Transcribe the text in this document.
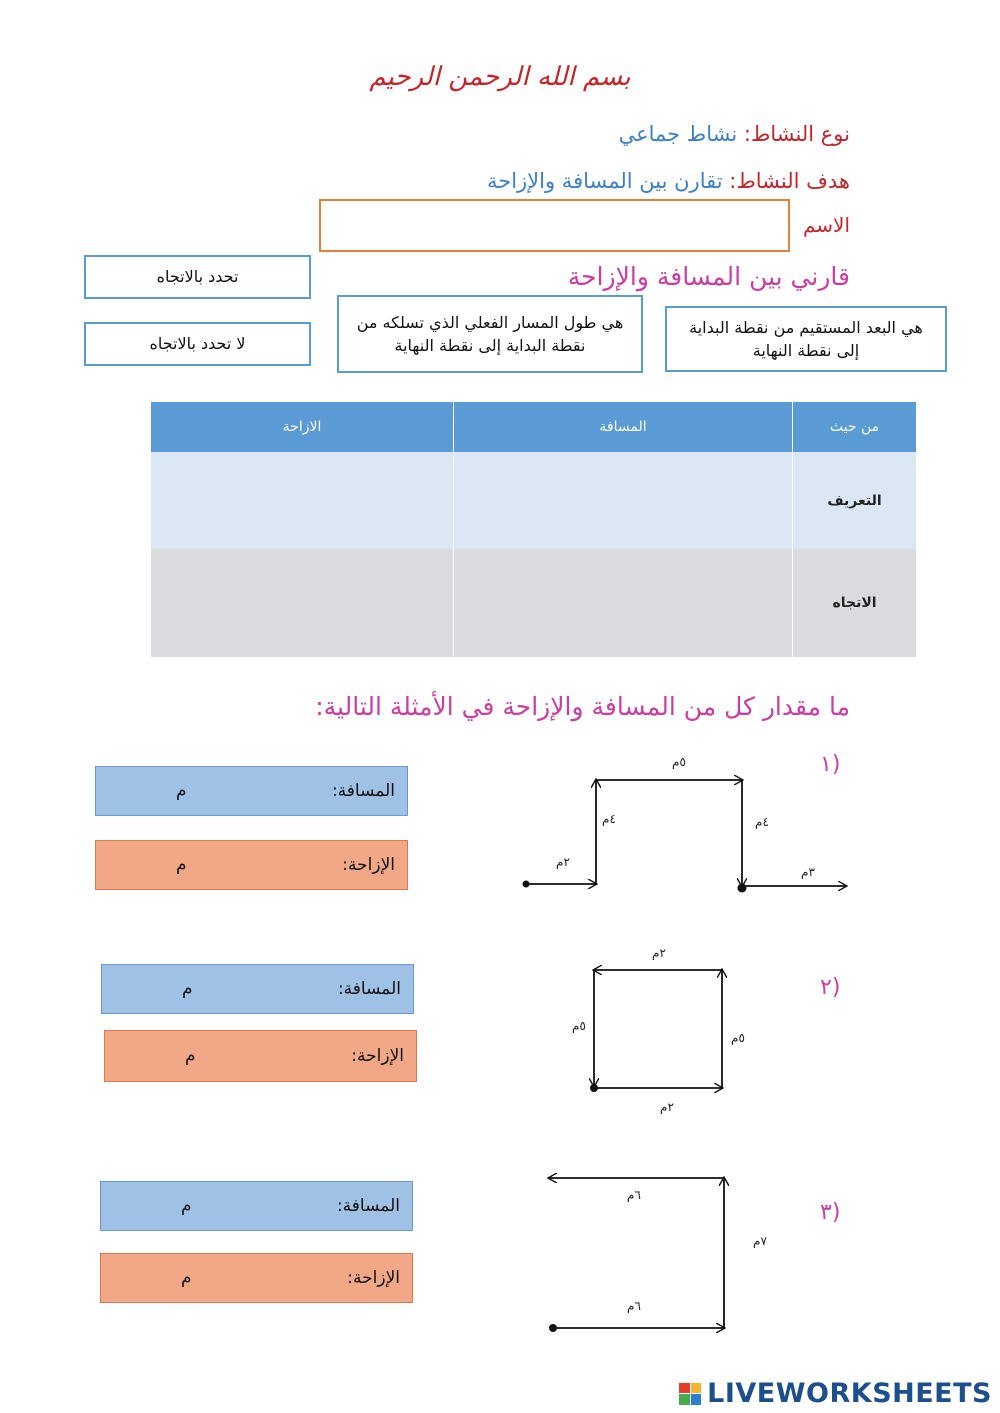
بسم الله الرحمن الرحيم
نوع النشاط: نشاط جماعي
هدف النشاط: تقارن بين المسافة والإزاحة
الاسم
قارني بين المسافة والإزاحة
تحدد بالاتجاه
لا تحدد بالاتجاه
هي طول المسار الفعلي الذي تسلكه من نقطة البداية إلى نقطة النهاية
هي البعد المستقيم من نقطة البداية إلى نقطة النهاية
من حيث	المسافة	الازاحة
التعريف		
الاتجاه		
ما مقدار كل من المسافة والإزاحة في الأمثلة التالية:
١)
٢)
٣)
المسافة:
م
الإزاحة:
م
المسافة:
م
الإزاحة:
م
المسافة:
م
الإزاحة:
م
٢م
٤م
٥م
٤م
٣م
٢م
٥م
٥م
٢م
٦م
٧م
٦م
LIVEWORKSHEETS
